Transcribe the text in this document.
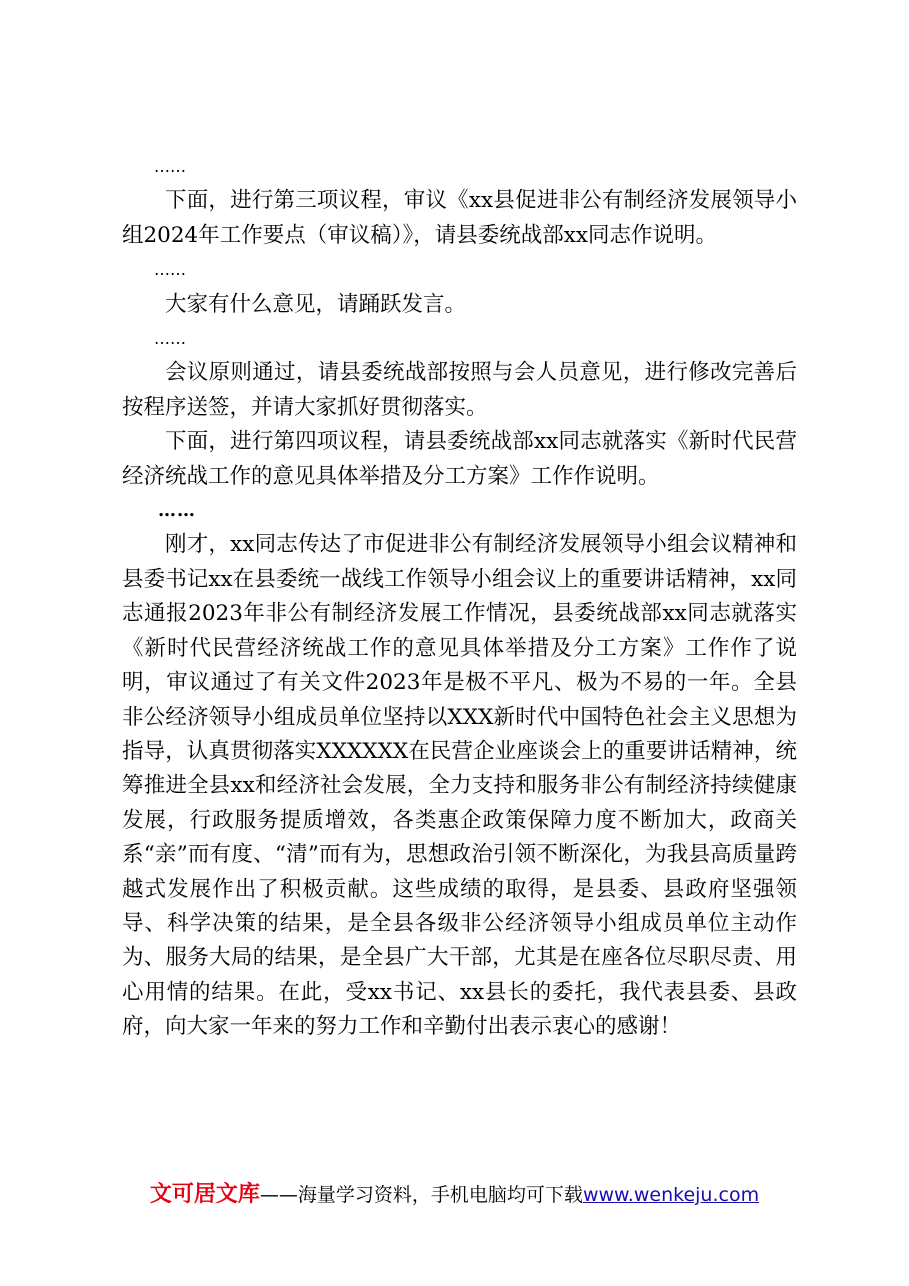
……

下面，进行第三项议程，审议《xx县促进非公有制经济发展领导小组2024年工作要点（审议稿）》，请县委统战部xx同志作说明。

……

大家有什么意见，请踊跃发言。

……

会议原则通过，请县委统战部按照与会人员意见，进行修改完善后按程序送签，并请大家抓好贯彻落实。

下面，进行第四项议程，请县委统战部xx同志就落实《新时代民营经济统战工作的意见具体举措及分工方案》工作作说明。

……

刚才，xx同志传达了市促进非公有制经济发展领导小组会议精神和县委书记xx在县委统一战线工作领导小组会议上的重要讲话精神，xx同志通报2023年非公有制经济发展工作情况，县委统战部xx同志就落实《新时代民营经济统战工作的意见具体举措及分工方案》工作作了说明，审议通过了有关文件2023年是极不平凡、极为不易的一年。全县非公经济领导小组成员单位坚持以XXX新时代中国特色社会主义思想为指导，认真贯彻落实XXXXXX在民营企业座谈会上的重要讲话精神，统筹推进全县xx和经济社会发展，全力支持和服务非公有制经济持续健康发展，行政服务提质增效，各类惠企政策保障力度不断加大，政商关系“亲”而有度、“清”而有为，思想政治引领不断深化，为我县高质量跨越式发展作出了积极贡献。这些成绩的取得，是县委、县政府坚强领导、科学决策的结果，是全县各级非公经济领导小组成员单位主动作为、服务大局的结果，是全县广大干部，尤其是在座各位尽职尽责、用心用情的结果。在此，受xx书记、xx县长的委托，我代表县委、县政府，向大家一年来的努力工作和辛勤付出表示衷心的感谢！

文可居文库——海量学习资料，手机电脑均可下载www.wenkeju.com
